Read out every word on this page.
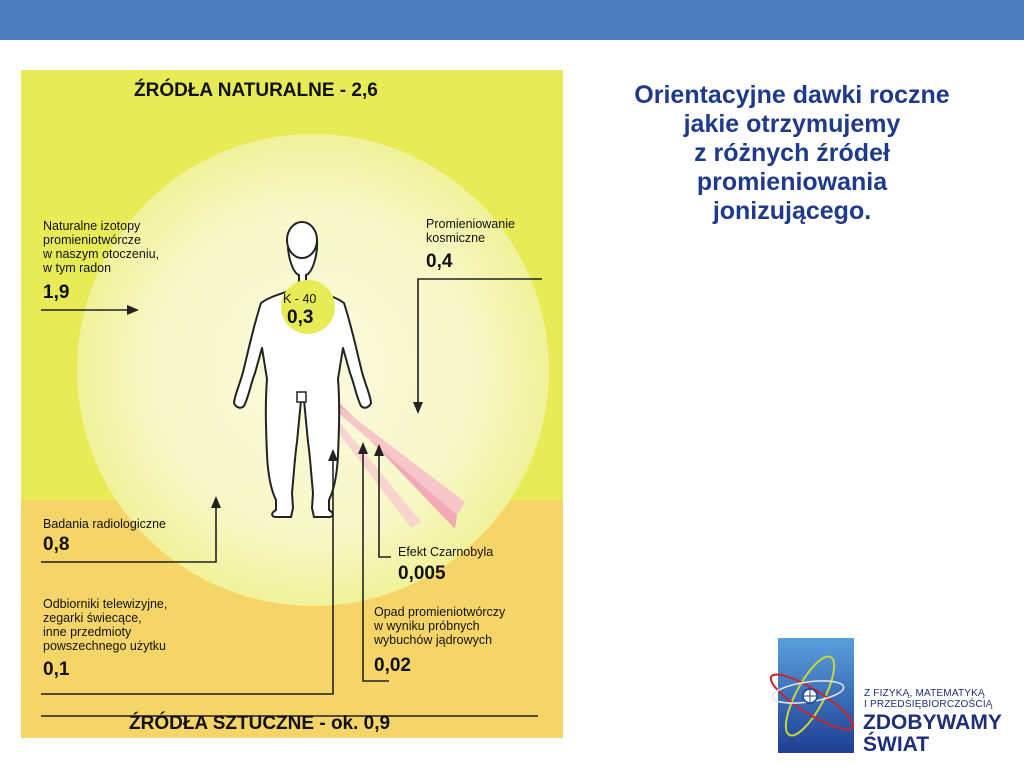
ŹRÓDŁA NATURALNE - 2,6
Naturalne izotopy
promieniotwórcze
w naszym otoczeniu,
w tym radon
1,9
Promieniowanie
kosmiczne
0,4
K - 40
0,3
Badania radiologiczne
0,8	Efekt Czarnobyla
0,005
Odbiorniki telewizyjne,
zegarki świecące,
inne przedmioty
powszechnego użytku
0,1
Opad promieniotwórczy
w wyniku próbnych
wybuchów jądrowych
0,02
ŹRÓDŁA SZTUCZNE - ok. 0,9
Orientacyjne dawki roczne
jakie otrzymujemy
z różnych źródeł
promieniowania
jonizującego.
Z FIZYKĄ, MATEMATYKĄ
I PRZEDSIĘBIORCZOŚCIĄ
ZDOBYWAMY
ŚWIAT
